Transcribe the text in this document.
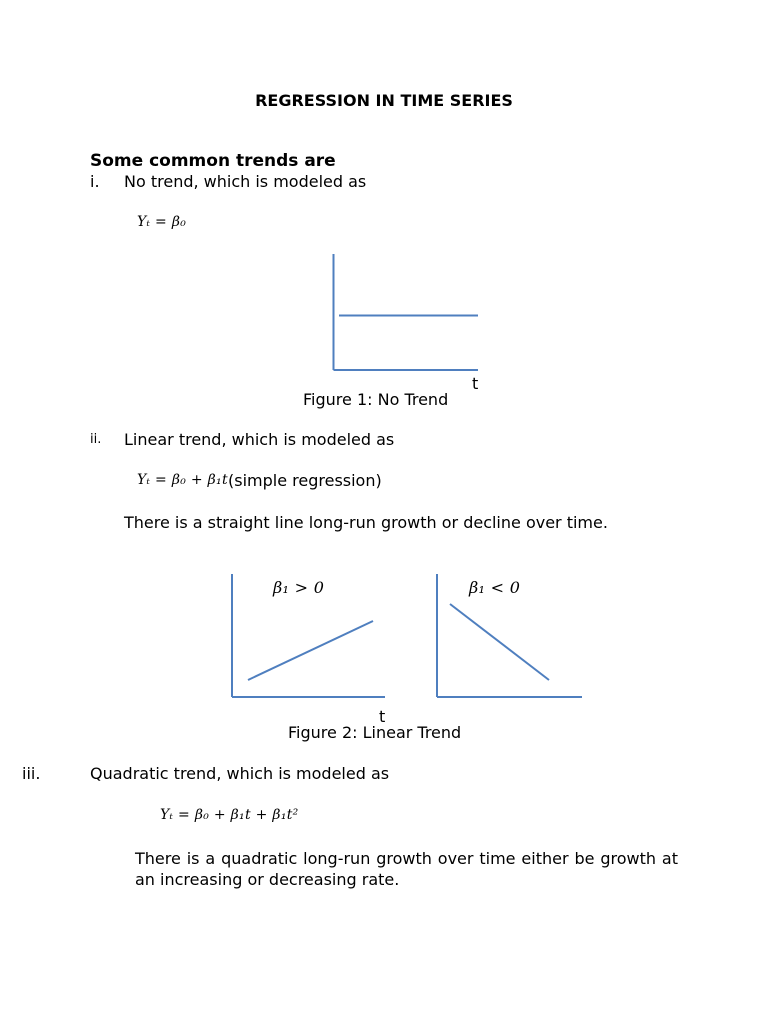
REGRESSION IN TIME SERIES
Some common trends are
i. No trend, which is modeled as
Yₜ = β₀
t
Figure 1: No Trend
ii. Linear trend, which is modeled as
Yₜ = β₀ + β₁t (simple regression)
There is a straight line long-run growth or decline over time.
β₁ > 0	β₁ < 0
t
Figure 2: Linear Trend
iii.	Quadratic trend, which is modeled as
Yₜ = β₀ + β₁t + β₁t²
There is a quadratic long-run growth over time either be growth at an increasing or decreasing rate.
